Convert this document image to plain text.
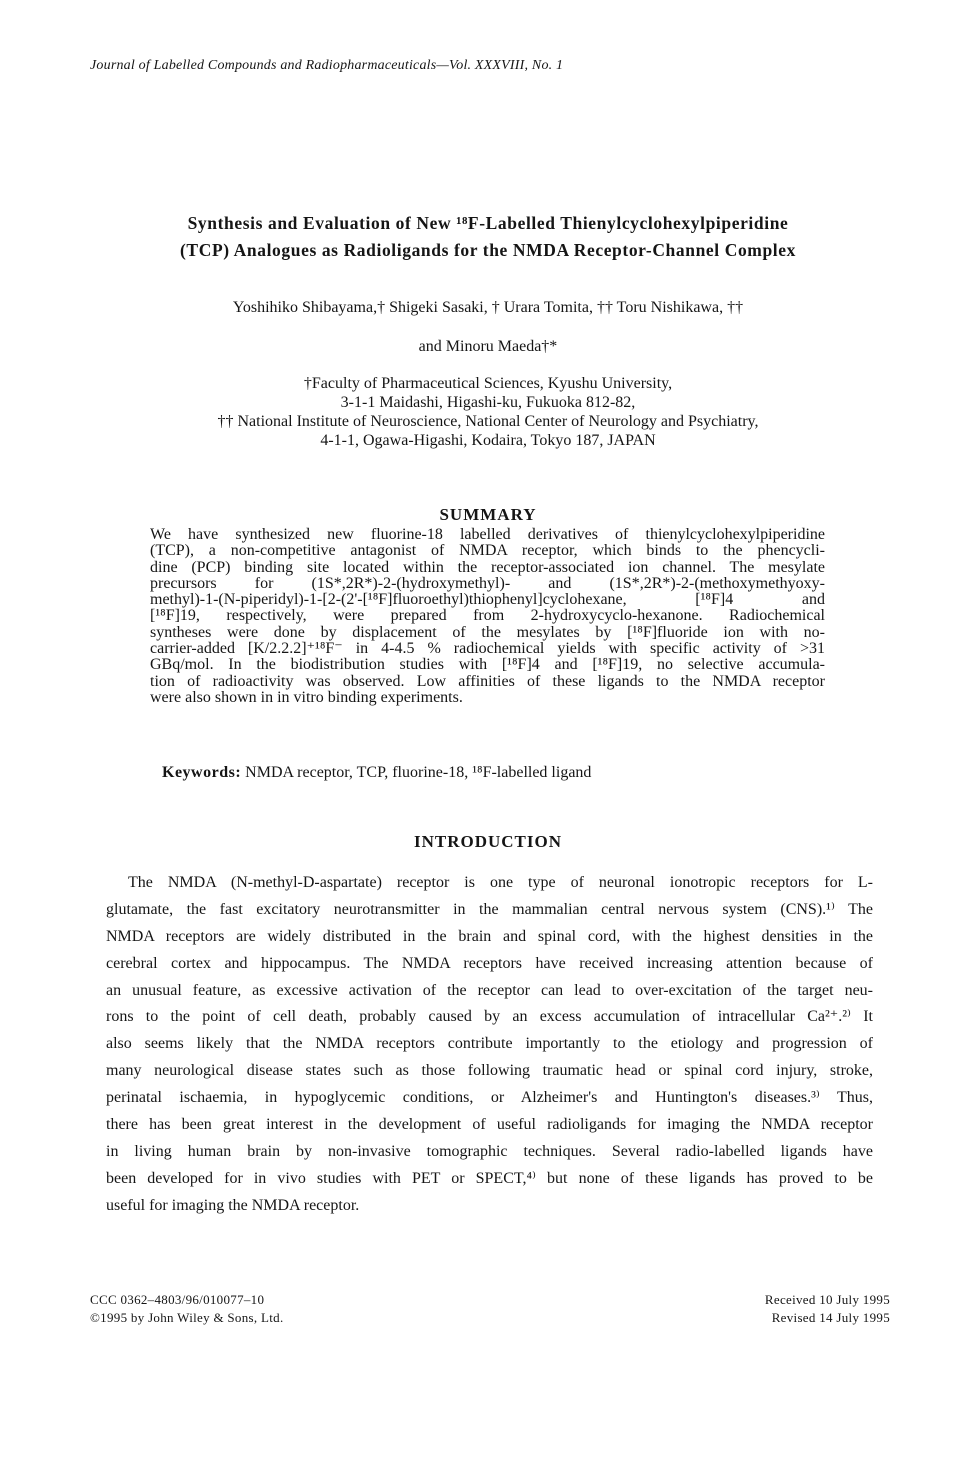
Journal of Labelled Compounds and Radiopharmaceuticals—Vol. XXXVIII, No. 1
Synthesis and Evaluation of New ¹⁸F-Labelled Thienylcyclohexylpiperidine
(TCP) Analogues as Radioligands for the NMDA Receptor-Channel Complex
Yoshihiko Shibayama,† Shigeki Sasaki, † Urara Tomita, †† Toru Nishikawa, ††
and Minoru Maeda†*
†Faculty of Pharmaceutical Sciences, Kyushu University,
3-1-1 Maidashi, Higashi-ku, Fukuoka 812-82,
†† National Institute of Neuroscience, National Center of Neurology and Psychiatry,
4-1-1, Ogawa-Higashi, Kodaira, Tokyo 187, JAPAN
SUMMARY
We have synthesized new fluorine-18 labelled derivatives of thienylcyclohexylpiperidine
(TCP), a non-competitive antagonist of NMDA receptor, which binds to the phencycli-
dine (PCP) binding site located within the receptor-associated ion channel. The mesylate
precursors for (1S*,2R*)-2-(hydroxymethyl)- and (1S*,2R*)-2-(methoxymethyoxy-
methyl)-1-(N-piperidyl)-1-[2-(2'-[¹⁸F]fluoroethyl)thiophenyl]cyclohexane, [¹⁸F]4 and
[¹⁸F]19, respectively, were prepared from 2-hydroxycyclo-hexanone. Radiochemical
syntheses were done by displacement of the mesylates by [¹⁸F]fluoride ion with no-
carrier-added [K/2.2.2]⁺¹⁸F⁻ in 4-4.5 % radiochemical yields with specific activity of >31
GBq/mol. In the biodistribution studies with [¹⁸F]4 and [¹⁸F]19, no selective accumula-
tion of radioactivity was observed. Low affinities of these ligands to the NMDA receptor
were also shown in in vitro binding experiments.
Keywords: NMDA receptor, TCP, fluorine-18, ¹⁸F-labelled ligand
INTRODUCTION
The NMDA (N-methyl-D-aspartate) receptor is one type of neuronal ionotropic receptors for L-
glutamate, the fast excitatory neurotransmitter in the mammalian central nervous system (CNS).¹⁾ The
NMDA receptors are widely distributed in the brain and spinal cord, with the highest densities in the
cerebral cortex and hippocampus. The NMDA receptors have received increasing attention because of
an unusual feature, as excessive activation of the receptor can lead to over-excitation of the target neu-
rons to the point of cell death, probably caused by an excess accumulation of intracellular Ca²⁺.²⁾ It
also seems likely that the NMDA receptors contribute importantly to the etiology and progression of
many neurological disease states such as those following traumatic head or spinal cord injury, stroke,
perinatal ischaemia, in hypoglycemic conditions, or Alzheimer's and Huntington's diseases.³⁾ Thus,
there has been great interest in the development of useful radioligands for imaging the NMDA receptor
in living human brain by non-invasive tomographic techniques. Several radio-labelled ligands have
been developed for in vivo studies with PET or SPECT,⁴⁾ but none of these ligands has proved to be
useful for imaging the NMDA receptor.
CCC 0362–4803/96/010077–10
©1995 by John Wiley & Sons, Ltd.
Received 10 July 1995
Revised 14 July 1995
